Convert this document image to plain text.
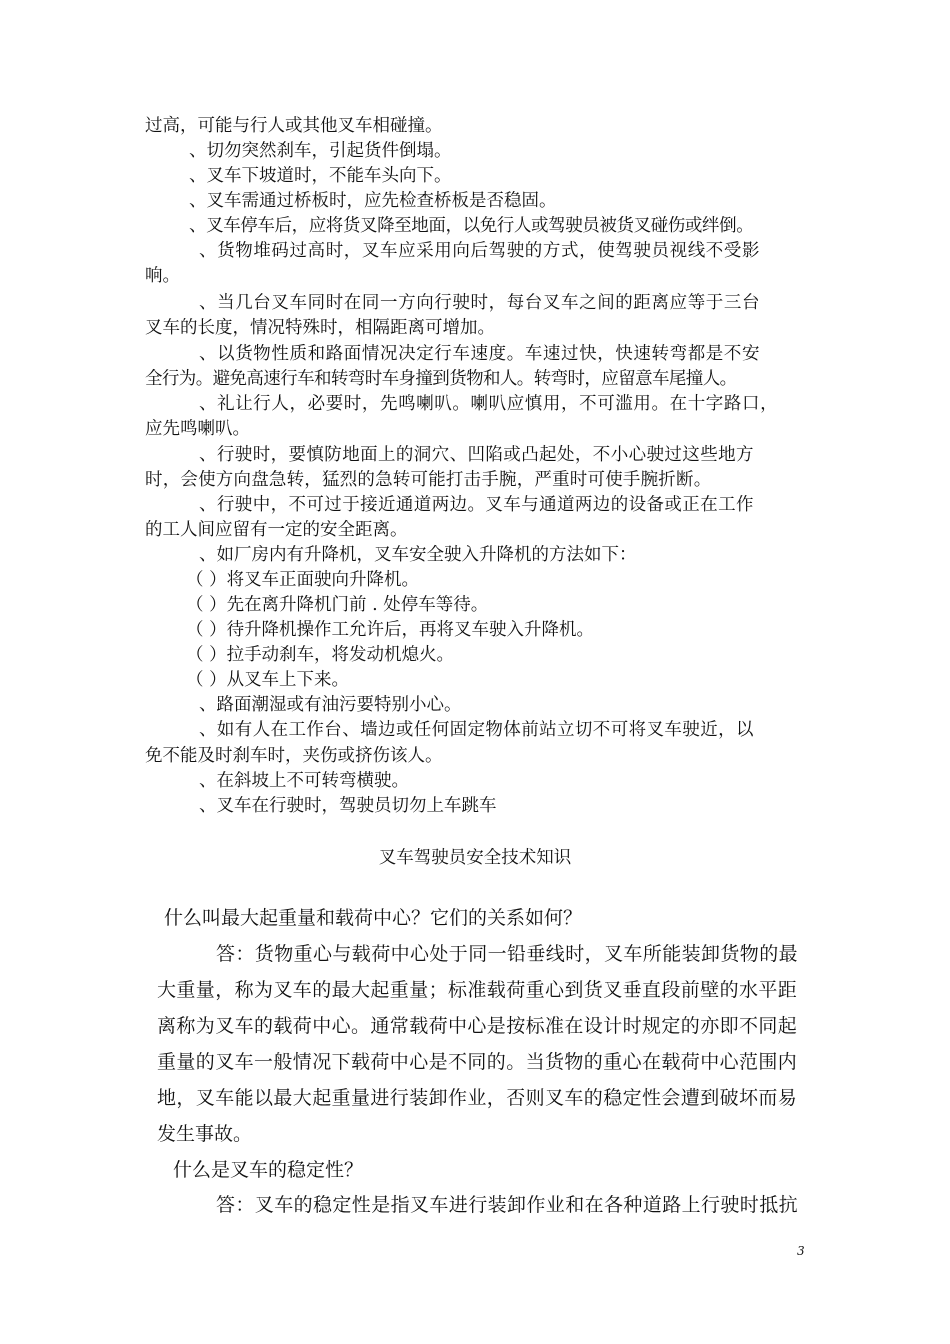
过高，可能与行人或其他叉车相碰撞。
、切勿突然刹车，引起货件倒塌。
、叉车下坡道时，不能车头向下。
、叉车需通过桥板时，应先检查桥板是否稳固。
、叉车停车后，应将货叉降至地面，以免行人或驾驶员被货叉碰伤或绊倒。
、货物堆码过高时，叉车应采用向后驾驶的方式，使驾驶员视线不受影
响。
、当几台叉车同时在同一方向行驶时，每台叉车之间的距离应等于三台
叉车的长度，情况特殊时，相隔距离可增加。
、以货物性质和路面情况决定行车速度。车速过快，快速转弯都是不安
全行为。避免高速行车和转弯时车身撞到货物和人。转弯时，应留意车尾撞人。
、礼让行人，必要时，先鸣喇叭。喇叭应慎用，不可滥用。在十字路口，
应先鸣喇叭。
、行驶时，要慎防地面上的洞穴、凹陷或凸起处，不小心驶过这些地方
时，会使方向盘急转，猛烈的急转可能打击手腕，严重时可使手腕折断。
、行驶中，不可过于接近通道两边。叉车与通道两边的设备或正在工作
的工人间应留有一定的安全距离。
、如厂房内有升降机，叉车安全驶入升降机的方法如下：
（ ）将叉车正面驶向升降机。
（ ）先在离升降机门前 . 处停车等待。
（ ）待升降机操作工允许后，再将叉车驶入升降机。
（ ）拉手动刹车，将发动机熄火。
（ ）从叉车上下来。
、路面潮湿或有油污要特别小心。
、如有人在工作台、墙边或任何固定物体前站立切不可将叉车驶近，以
免不能及时刹车时，夹伤或挤伤该人。
、在斜坡上不可转弯横驶。
、叉车在行驶时，驾驶员切勿上车跳车
叉车驾驶员安全技术知识
什么叫最大起重量和载荷中心？它们的关系如何？
答：货物重心与载荷中心处于同一铅垂线时，叉车所能装卸货物的最
大重量，称为叉车的最大起重量；标准载荷重心到货叉垂直段前壁的水平距
离称为叉车的载荷中心。通常载荷中心是按标准在设计时规定的亦即不同起
重量的叉车一般情况下载荷中心是不同的。当货物的重心在载荷中心范围内
地，叉车能以最大起重量进行装卸作业，否则叉车的稳定性会遭到破坏而易
发生事故。
什么是叉车的稳定性？
答：叉车的稳定性是指叉车进行装卸作业和在各种道路上行驶时抵抗
3
